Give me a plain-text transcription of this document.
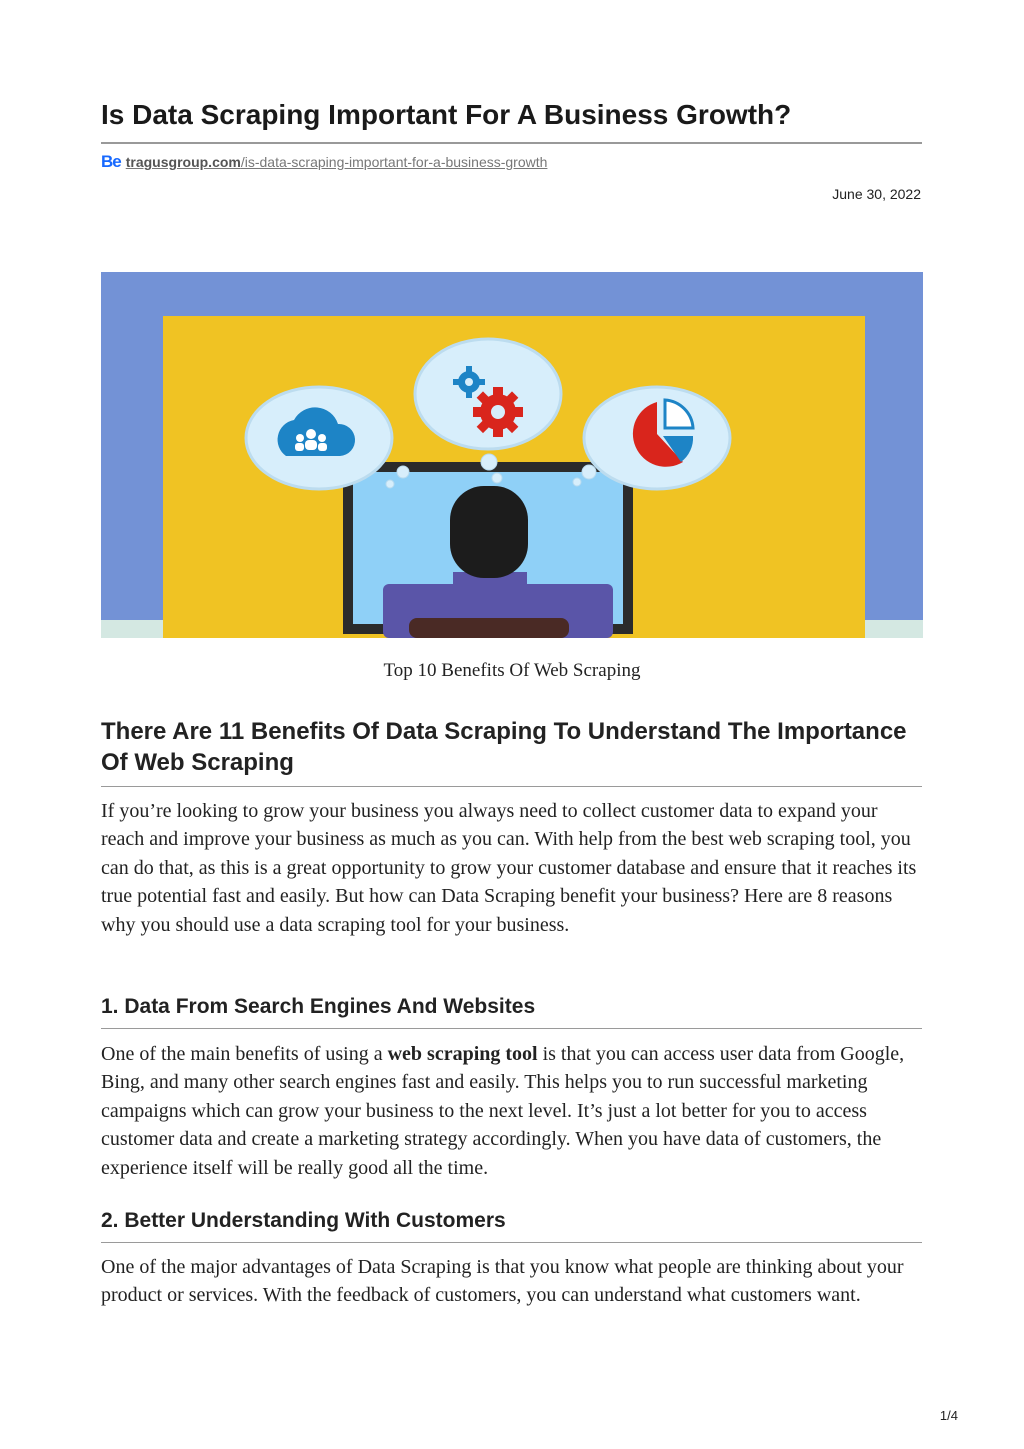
Is Data Scraping Important For A Business Growth?
Be tragusgroup.com/is-data-scraping-important-for-a-business-growth
June 30, 2022
Top 10 Benefits Of Web Scraping
There Are 11 Benefits Of Data Scraping To Understand The Importance Of Web Scraping

If you’re looking to grow your business you always need to collect customer data to expand your reach and improve your business as much as you can. With help from the best web scraping tool, you can do that, as this is a great opportunity to grow your customer database and ensure that it reaches its true potential fast and easily. But how can Data Scraping benefit your business? Here are 8 reasons why you should use a data scraping tool for your business.

1. Data From Search Engines And Websites

One of the main benefits of using a web scraping tool is that you can access user data from Google, Bing, and many other search engines fast and easily. This helps you to run successful marketing campaigns which can grow your business to the next level. It’s just a lot better for you to access customer data and create a marketing strategy accordingly. When you have data of customers, the experience itself will be really good all the time.

2. Better Understanding With Customers

One of the major advantages of Data Scraping is that you know what people are thinking about your product or services. With the feedback of customers, you can understand what customers want.

1/4
